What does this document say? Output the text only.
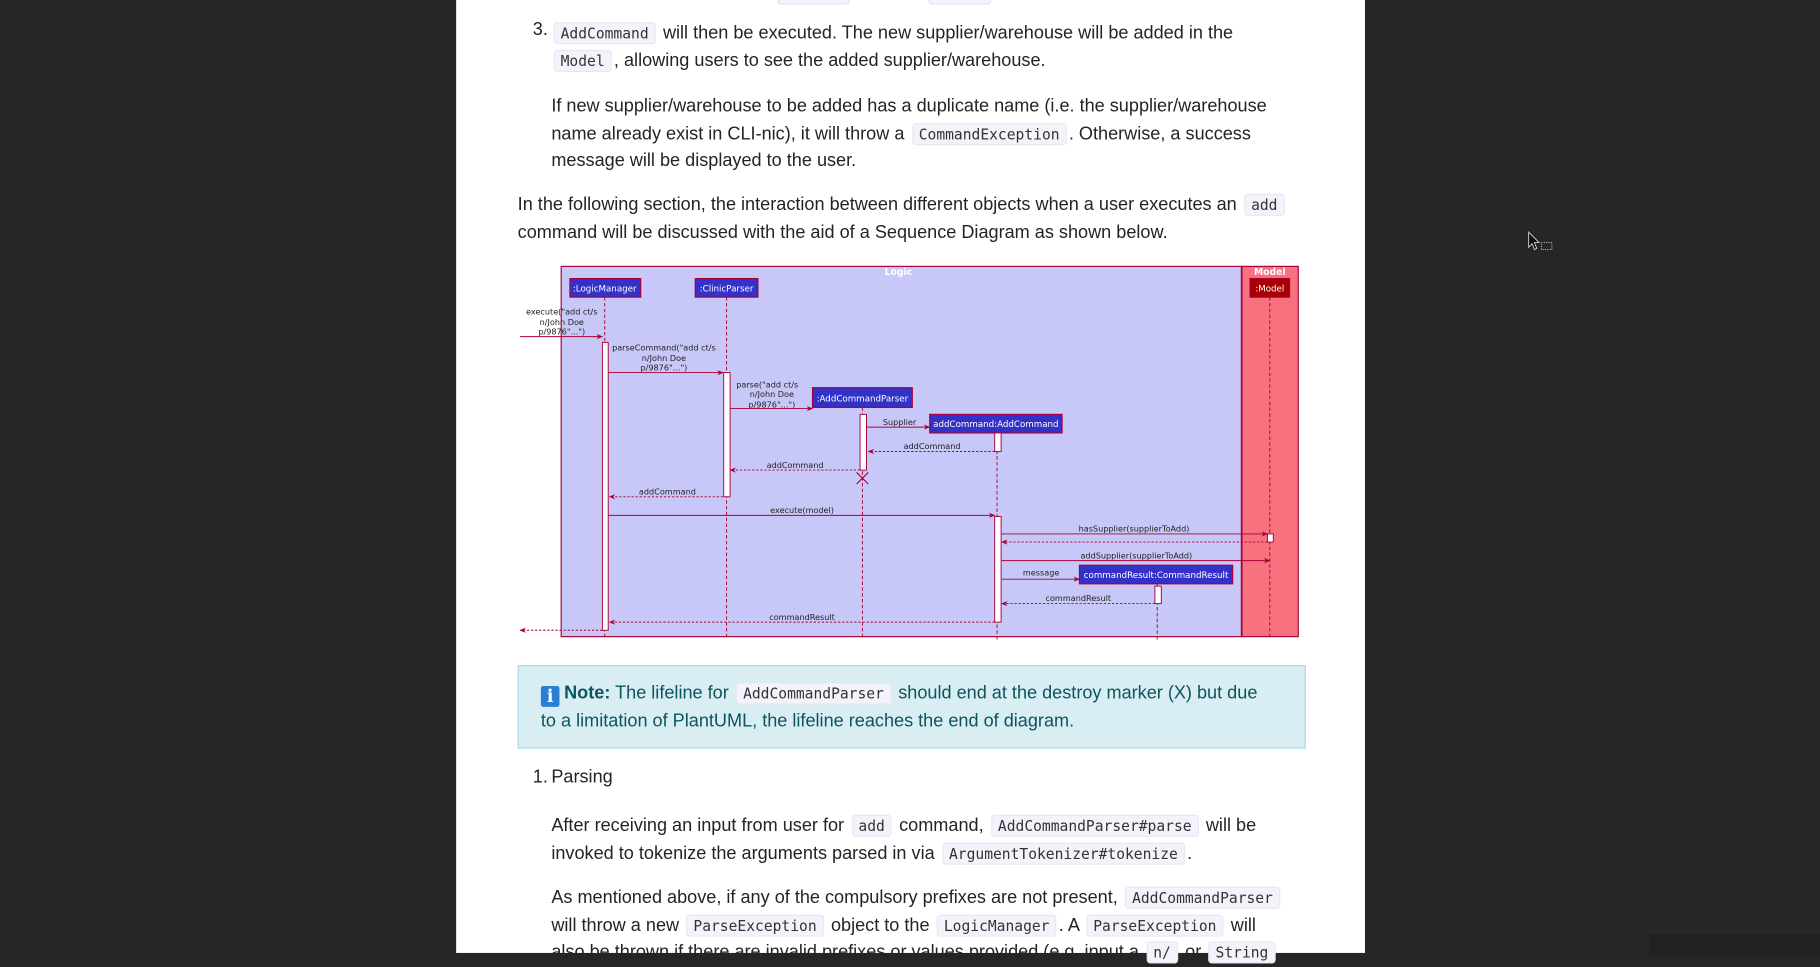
3.	AddCommand will then be executed. The new supplier/warehouse will be added in the
Model , allowing users to see the added supplier/warehouse.
If new supplier/warehouse to be added has a duplicate name (i.e. the supplier/warehouse
name already exist in CLI-nic), it will throw a CommandException . Otherwise, a success
message will be displayed to the user.
In the following section, the interaction between different objects when a user executes an add
command will be discussed with the aid of a Sequence Diagram as shown below.
Logic	Model
:LogicManager	:ClinicParser
:AddCommandParser
addCommand:AddCommand
commandResult:CommandResult
:Model
execute("add ct/s
n/John Doe
p/9876"...")
parseCommand("add ct/s
n/John Doe
p/9876"...")
parse("add ct/s
n/John Doe
p/9876"...")
Supplier
addCommand
addCommand
addCommand
execute(model)
hasSupplier(supplierToAdd)
addSupplier(supplierToAdd)
message
commandResult
commandResult
i Note: The lifeline for AddCommandParser should end at the destroy marker (X) but due
to a limitation of PlantUML, the lifeline reaches the end of diagram.
1. Parsing
After receiving an input from user for add command, AddCommandParser#parse will be
invoked to tokenize the arguments parsed in via ArgumentTokenizer#tokenize .
As mentioned above, if any of the compulsory prefixes are not present, AddCommandParser
will throw a new ParseException object to the LogicManager . A ParseException will
also be thrown if there are invalid prefixes or values provided (e.g. input a n/ or String
